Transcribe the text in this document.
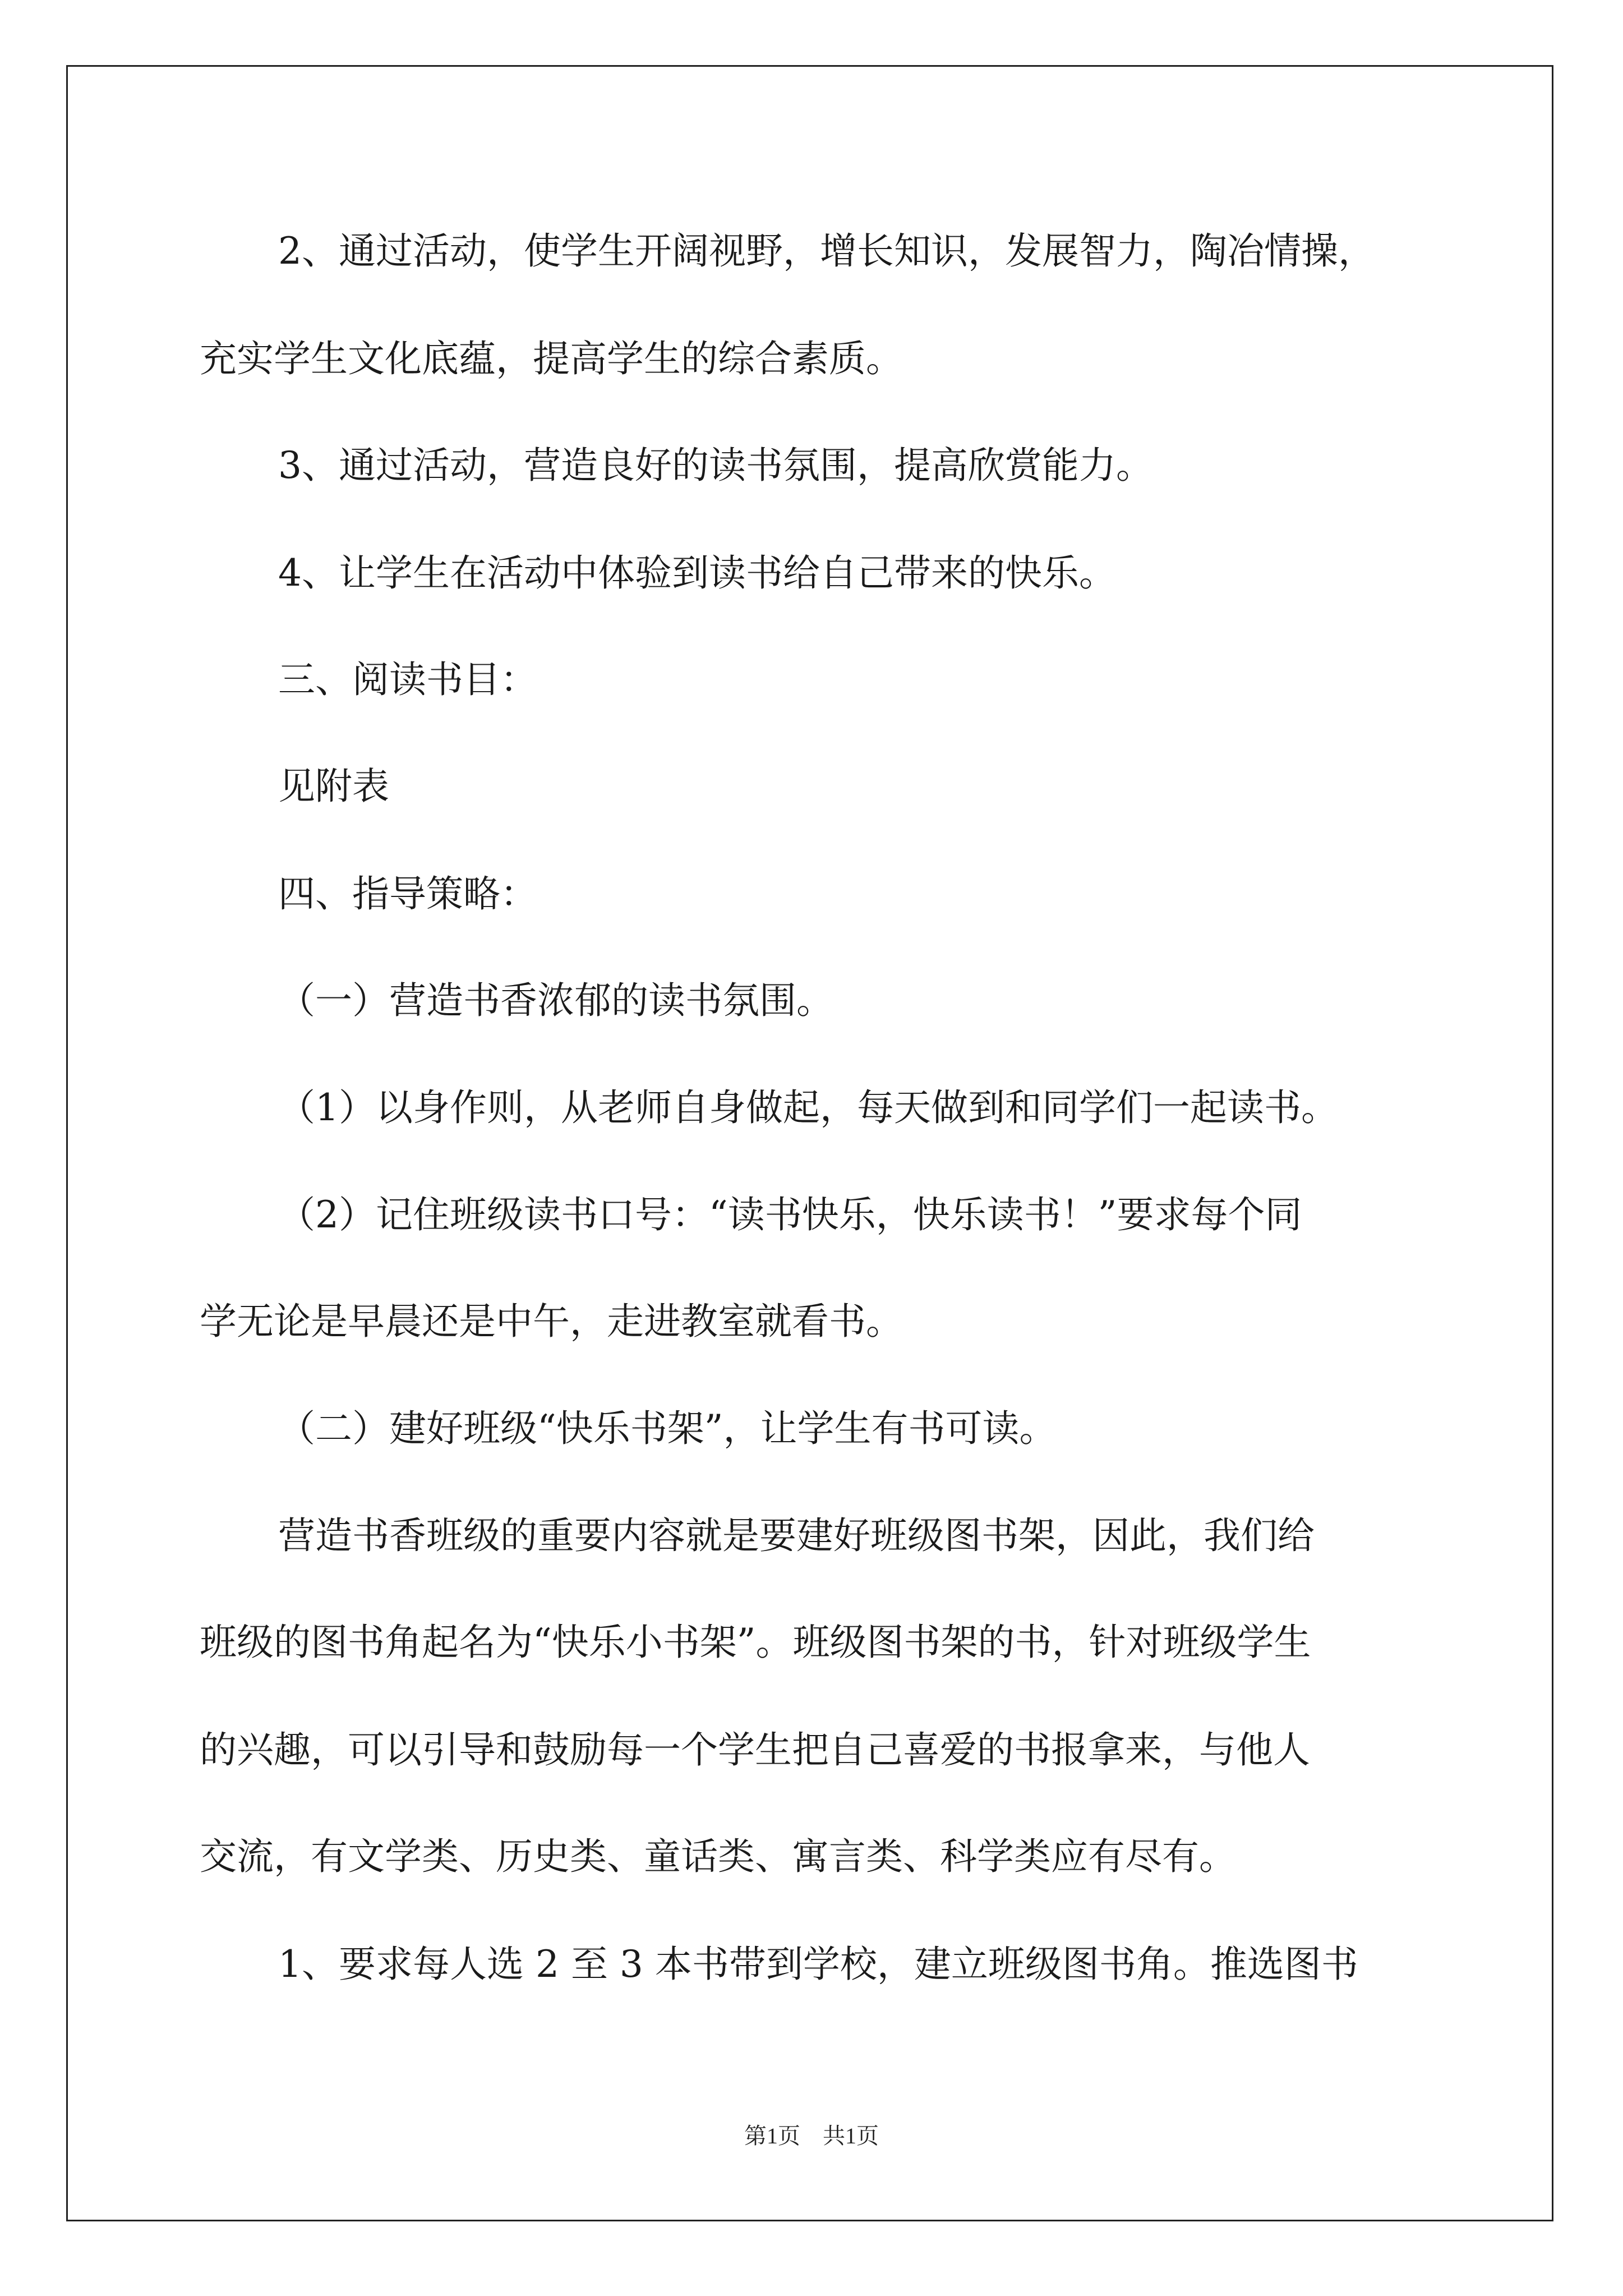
2、通过活动，使学生开阔视野，增长知识，发展智力，陶冶情操，
充实学生文化底蕴，提高学生的综合素质。
3、通过活动，营造良好的读书氛围，提高欣赏能力。
4、让学生在活动中体验到读书给自己带来的快乐。
三、阅读书目：
见附表
四、指导策略：
（一）营造书香浓郁的读书氛围。
（1）以身作则，从老师自身做起，每天做到和同学们一起读书。
（2）记住班级读书口号：“读书快乐，快乐读书！”要求每个同
学无论是早晨还是中午，走进教室就看书。
（二）建好班级“快乐书架”，让学生有书可读。
营造书香班级的重要内容就是要建好班级图书架，因此，我们给
班级的图书角起名为“快乐小书架”。班级图书架的书，针对班级学生
的兴趣，可以引导和鼓励每一个学生把自己喜爱的书报拿来，与他人
交流，有文学类、历史类、童话类、寓言类、科学类应有尽有。
1、要求每人选 2 至 3 本书带到学校，建立班级图书角。推选图书
第1页　共1页
